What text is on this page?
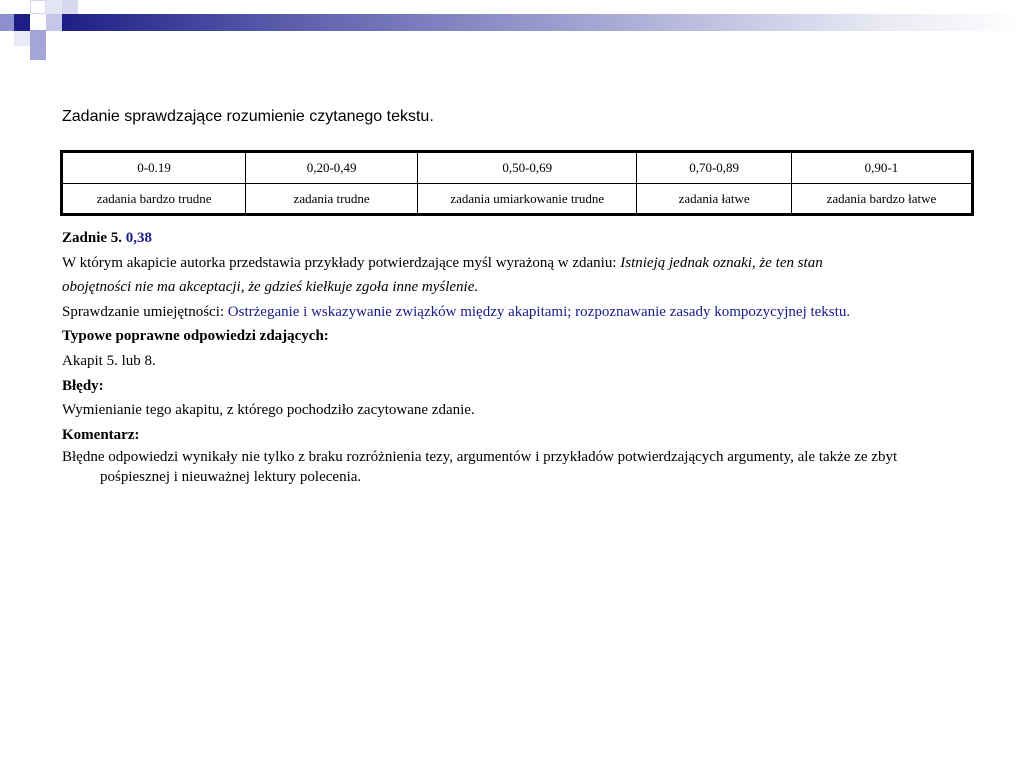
Zadanie sprawdzające rozumienie czytanego tekstu.
0-0.19	0,20-0,49	0,50-0,69	0,70-0,89	0,90-1
zadania bardzo trudne	zadania trudne	zadania umiarkowanie trudne	zadania łatwe	zadania bardzo łatwe

Zadnie 5. 0,38

W którym akapicie autorka przedstawia przykłady potwierdzające myśl wyrażoną w zdaniu: Istnieją jednak oznaki, że ten stan

obojętności nie ma akceptacji, że gdzieś kiełkuje zgoła inne myślenie.

Sprawdzanie umiejętności: Ostrżeganie i wskazywanie związków między akapitami; rozpoznawanie zasady kompozycyjnej tekstu.

Typowe poprawne odpowiedzi zdających:

Akapit 5. lub 8.

Błędy:

Wymienianie tego akapitu, z którego pochodziło zacytowane zdanie.

Komentarz:

Błędne odpowiedzi wynikały nie tylko z braku rozróżnienia tezy, argumentów i przykładów potwierdzających argumenty, ale także ze zbyt pośpiesznej i nieuważnej lektury polecenia.
